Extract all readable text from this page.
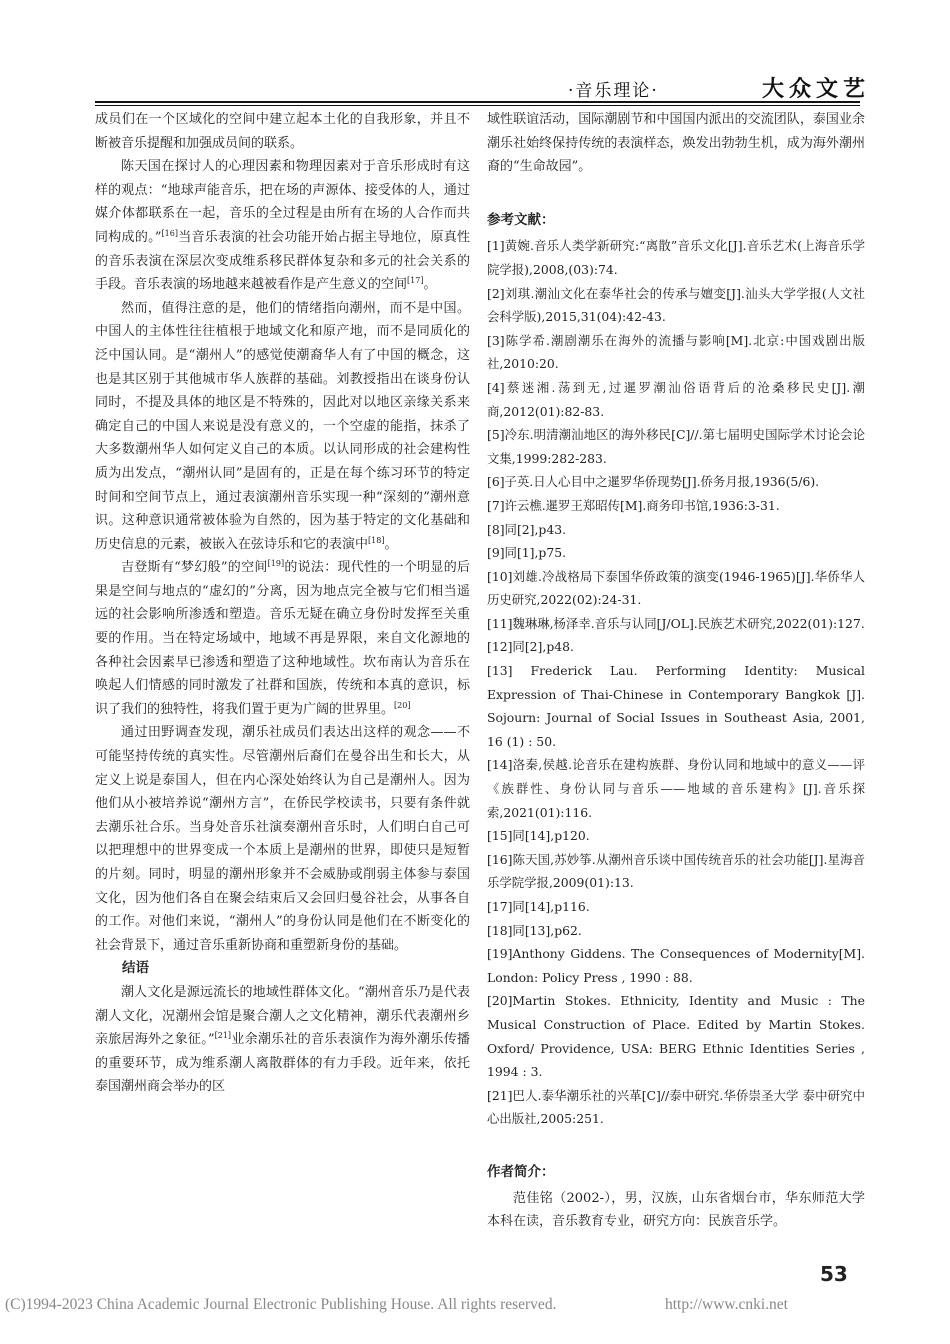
·音乐理论·	大众文艺

成员们在一个区域化的空间中建立起本土化的自我形象，并且不断被音乐提醒和加强成员间的联系。

陈天国在探讨人的心理因素和物理因素对于音乐形成时有这样的观点：“地球声能音乐，把在场的声源体、接受体的人，通过媒介体都联系在一起，音乐的全过程是由所有在场的人合作而共同构成的。”[16]当音乐表演的社会功能开始占据主导地位，原真性的音乐表演在深层次变成维系移民群体复杂和多元的社会关系的手段。音乐表演的场地越来越被看作是产生意义的空间[17]。

然而，值得注意的是，他们的情绪指向潮州，而不是中国。中国人的主体性往往植根于地域文化和原产地，而不是同质化的泛中国认同。是“潮州人”的感觉使潮裔华人有了中国的概念，这也是其区别于其他城市华人族群的基础。刘教授指出在谈身份认同时，不提及具体的地区是不特殊的，因此对以地区亲缘关系来确定自己的中国人来说是没有意义的，一个空虚的能指，抹杀了大多数潮州华人如何定义自己的本质。以认同形成的社会建构性质为出发点，“潮州认同”是固有的，正是在每个练习环节的特定时间和空间节点上，通过表演潮州音乐实现一种“深刻的”潮州意识。这种意识通常被体验为自然的，因为基于特定的文化基础和历史信息的元素，被嵌入在弦诗乐和它的表演中[18]。

吉登斯有“梦幻般”的空间[19]的说法：现代性的一个明显的后果是空间与地点的“虚幻的”分离，因为地点完全被与它们相当遥远的社会影响所渗透和塑造。音乐无疑在确立身份时发挥至关重要的作用。当在特定场域中，地域不再是界限，来自文化源地的各种社会因素早已渗透和塑造了这种地域性。坎布南认为音乐在唤起人们情感的同时激发了社群和国族，传统和本真的意识，标识了我们的独特性，将我们置于更为广阔的世界里。[20]

通过田野调查发现，潮乐社成员们表达出这样的观念——不可能坚持传统的真实性。尽管潮州后裔们在曼谷出生和长大，从定义上说是泰国人，但在内心深处始终认为自己是潮州人。因为他们从小被培养说“潮州方言”，在侨民学校读书，只要有条件就去潮乐社合乐。当身处音乐社演奏潮州音乐时，人们明白自己可以把理想中的世界变成一个本质上是潮州的世界，即使只是短暂的片刻。同时，明显的潮州形象并不会威胁或削弱主体参与泰国文化，因为他们各自在聚会结束后又会回归曼谷社会，从事各自的工作。对他们来说，“潮州人”的身份认同是他们在不断变化的社会背景下，通过音乐重新协商和重塑新身份的基础。

结语

潮人文化是源远流长的地域性群体文化。“潮州音乐乃是代表潮人文化，况潮州会馆是聚合潮人之文化精神，潮乐代表潮州乡亲旅居海外之象征。”[21]业余潮乐社的音乐表演作为海外潮乐传播的重要环节，成为维系潮人离散群体的有力手段。近年来，依托泰国潮州商会举办的区

域性联谊活动，国际潮剧节和中国国内派出的交流团队，泰国业余潮乐社始终保持传统的表演样态，焕发出勃勃生机，成为海外潮州裔的“生命故园”。

参考文献：

[1]黄婉.音乐人类学新研究:“离散”音乐文化[J].音乐艺术(上海音乐学院学报),2008,(03):74.

[2]刘琪.潮汕文化在泰华社会的传承与嬗变[J].汕头大学学报(人文社会科学版),2015,31(04):42-43.

[3]陈学希.潮剧潮乐在海外的流播与影响[M].北京:中国戏剧出版社,2010:20.

[4]蔡迷湘.荡到无,过暹罗潮汕俗语背后的沧桑移民史[J].潮商,2012(01):82-83.

[5]冷东.明清潮汕地区的海外移民[C]//.第七届明史国际学术讨论会论文集,1999:282-283.

[6]子英.日人心目中之暹罗华侨现势[J].侨务月报,1936(5/6).

[7]许云樵.暹罗王郑昭传[M].商务印书馆,1936:3-31.

[8]同[2],p43.

[9]同[1],p75.

[10]刘雄.冷战格局下泰国华侨政策的演变(1946-1965)[J].华侨华人历史研究,2022(02):24-31.

[11]魏琳琳,杨泽幸.音乐与认同[J/OL].民族艺术研究,2022(01):127.

[12]同[2],p48.

[13] Frederick Lau. Performing Identity: Musical Expression of Thai-Chinese in Contemporary Bangkok [J]. Sojourn: Journal of Social Issues in Southeast Asia, 2001, 16 (1) : 50.

[14]洛秦,侯越.论音乐在建构族群、身份认同和地域中的意义——评《族群性、身份认同与音乐——地域的音乐建构》[J].音乐探索,2021(01):116.

[15]同[14],p120.

[16]陈天国,苏妙筝.从潮州音乐谈中国传统音乐的社会功能[J].星海音乐学院学报,2009(01):13.

[17]同[14],p116.

[18]同[13],p62.

[19]Anthony Giddens. The Consequences of Modernity[M]. London: Policy Press , 1990 : 88.

[20]Martin Stokes. Ethnicity, Identity and Music : The Musical Construction of Place. Edited by Martin Stokes. Oxford/ Providence, USA: BERG Ethnic Identities Series , 1994 : 3.

[21]巴人.泰华潮乐社的兴革[C]//泰中研究.华侨崇圣大学 泰中研究中心出版社,2005:251.

作者简介：

范佳铭（2002-），男，汉族，山东省烟台市，华东师范大学本科在读，音乐教育专业，研究方向：民族音乐学。

53
(C)1994-2023 China Academic Journal Electronic Publishing House. All rights reserved.	http://www.cnki.net
